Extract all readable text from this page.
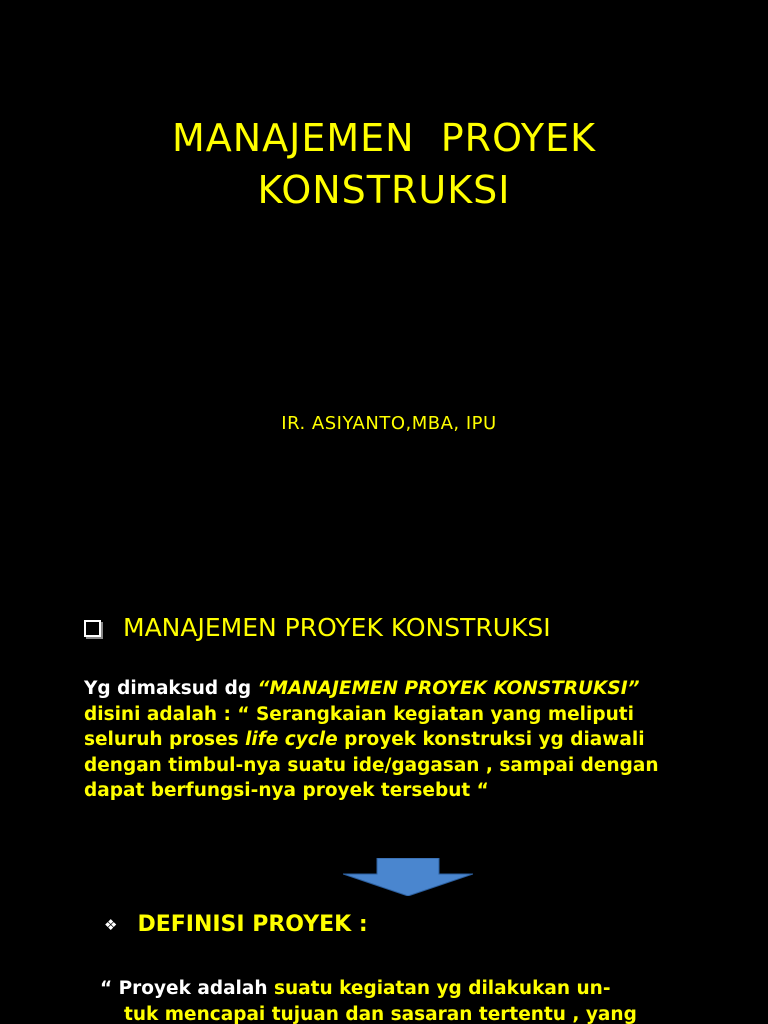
MANAJEMEN  PROYEK
KONSTRUKSI
IR. ASIYANTO,MBA, IPU
MANAJEMEN PROYEK KONSTRUKSI
Yg dimaksud dg “MANAJEMEN PROYEK KONSTRUKSI” disini adalah : “ Serangkaian kegiatan yang meliputi seluruh proses life cycle proyek konstruksi yg diawali dengan timbul-nya suatu ide/gagasan , sampai dengan dapat berfungsi-nya proyek tersebut “
❖ DEFINISI PROYEK :
“ Proyek adalah suatu kegiatan yg dilakukan un-
tuk mencapai tujuan dan sasaran tertentu , yang
